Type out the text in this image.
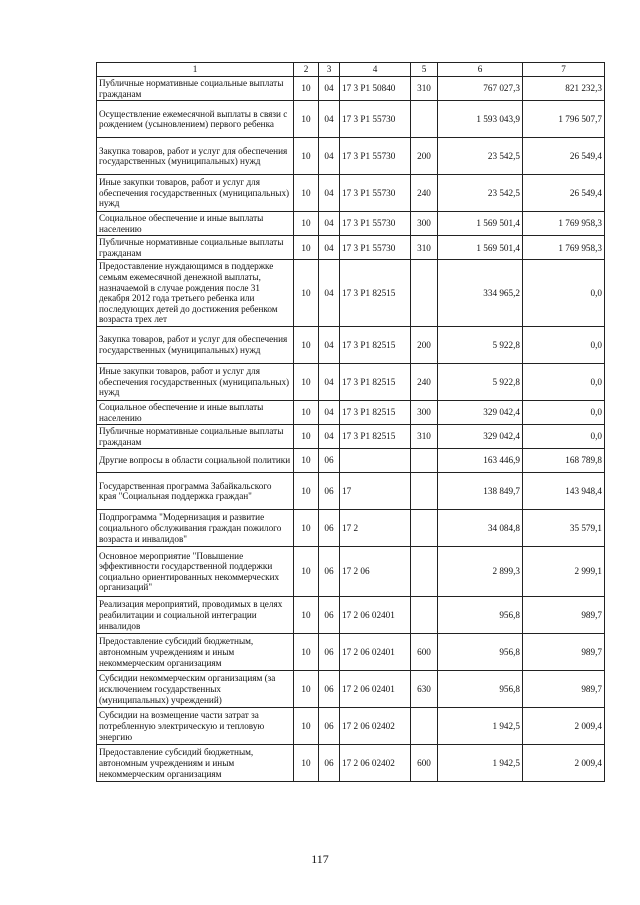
1	2	3	4	5	6	7
Публичные нормативные социальные выплаты гражданам	10	04	17 3 P1 50840	310	767 027,3	821 232,3
Осуществление ежемесячной выплаты в связи с рождением (усыновлением) первого ребенка	10	04	17 3 P1 55730		1 593 043,9	1 796 507,7
Закупка товаров, работ и услуг для обеспечения государственных (муниципальных) нужд	10	04	17 3 P1 55730	200	23 542,5	26 549,4
Иные закупки товаров, работ и услуг для обеспечения государственных (муниципальных) нужд	10	04	17 3 P1 55730	240	23 542,5	26 549,4
Социальное обеспечение и иные выплаты населению	10	04	17 3 P1 55730	300	1 569 501,4	1 769 958,3
Публичные нормативные социальные выплаты гражданам	10	04	17 3 P1 55730	310	1 569 501,4	1 769 958,3
Предоставление нуждающимся в поддержке семьям ежемесячной денежной выплаты, назначаемой в случае рождения после 31 декабря 2012 года третьего ребенка или последующих детей до достижения ребенком возраста трех лет	10	04	17 3 P1 82515		334 965,2	0,0
Закупка товаров, работ и услуг для обеспечения государственных (муниципальных) нужд	10	04	17 3 P1 82515	200	5 922,8	0,0
Иные закупки товаров, работ и услуг для обеспечения государственных (муниципальных) нужд	10	04	17 3 P1 82515	240	5 922,8	0,0
Социальное обеспечение и иные выплаты населению	10	04	17 3 P1 82515	300	329 042,4	0,0
Публичные нормативные социальные выплаты гражданам	10	04	17 3 P1 82515	310	329 042,4	0,0
Другие вопросы в области социальной политики	10	06			163 446,9	168 789,8
Государственная программа Забайкальского края "Социальная поддержка граждан"	10	06	17		138 849,7	143 948,4
Подпрограмма "Модернизация и развитие социального обслуживания граждан пожилого возраста и инвалидов"	10	06	17 2		34 084,8	35 579,1
Основное мероприятие "Повышение эффективности государственной поддержки социально ориентированных некоммерческих организаций"	10	06	17 2 06		2 899,3	2 999,1
Реализация мероприятий, проводимых в целях реабилитации и социальной интеграции инвалидов	10	06	17 2 06 02401		956,8	989,7
Предоставление субсидий бюджетным, автономным учреждениям и иным некоммерческим организациям	10	06	17 2 06 02401	600	956,8	989,7
Субсидии некоммерческим организациям (за исключением государственных (муниципальных) учреждений)	10	06	17 2 06 02401	630	956,8	989,7
Субсидии на возмещение части затрат за потребленную электрическую и тепловую энергию	10	06	17 2 06 02402		1 942,5	2 009,4
Предоставление субсидий бюджетным, автономным учреждениям и иным некоммерческим организациям	10	06	17 2 06 02402	600	1 942,5	2 009,4
117
